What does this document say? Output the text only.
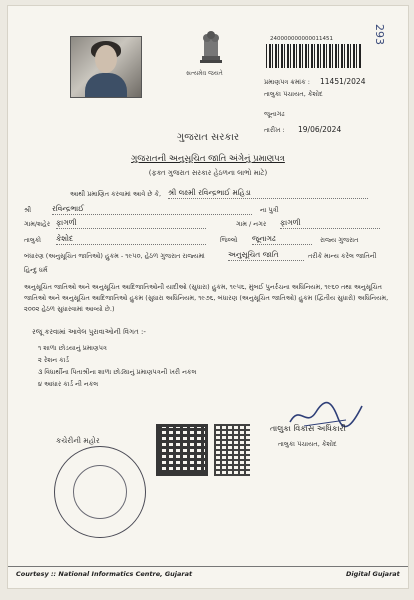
સત્યમેવ જયતે
240000000000011451	293
પ્રમાણપત્ર ક્રમાંક : 11451/2024
તાલુકા પંચાયત, કેશોદ
જૂનાગઢ
તારીખ : 19/06/2024
ગુજરાત સરકાર
ગુજરાતની અનુસૂચિત જાતિ અંગેનું પ્રમાણપત્ર
(ફક્ત ગુજરાત સરકાર હેઠળના લાભો માટે)
આથી પ્રમાણિત કરવામાં આવે છે કે, શ્રી લક્ષ્મી રવિન્દ્રભાઈ મહિડા
શ્રી	રવિન્દ્રભાઈ	ના પુત્રી
ગામ/શહેર ફાગળી	ગામ / નગર ફાગળી
તાલુકો કેશોદ	જિલ્લો જૂનાગઢ	રાજ્ય ગુજરાત
બંધારણ (અનુસૂચિત જાતિઓ) હુકમ - ૧૯૫૦, હેઠળ ગુજરાત રાજ્યમાં	અનુસૂચિત જાતિ	તરીકે માન્ય કરેલ જાતિની
હિન્દુ ધર્મ
અનુસૂચિત જાતિઓ અને અનુસૂચિત આદિજાતિઓની યાદીઓ (સુધારા) હુકમ, ૧૯૫૬, મુંબઈ પુનર્રચના અધિનિયમ, ૧૯૬૦ તથા અનુસૂચિત જાતિઓ અને અનુસૂચિત આદિજાતિઓ હુકમ (સુધારા અધિનિયમ, ૧૯૭૬, બંધારણ (અનુસૂચિત જાતિઓ) હુકમ (દ્વિતીય સુધારો) અધિનિયમ, ૨૦૦૨ હેઠળ સુધારવામાં આવ્યો છે.)
રજૂ કરવામાં આવેલ પુરાવાઓની વિગત :-
૧ શાળા છોડયાનું પ્રમાણપત્ર
૨ રેશન કાર્ડ
૩ વિધાર્થીના પિતાશ્રીના શાળા છોડ્યાનું પ્રમાણપત્રની ખરી નકલ
૪ આધાર કાર્ડ ની નકલ
કચેરીની મહોર
તાલુકા વિકાસ અધિકારી
તાલુકા પંચાયત, કેશોદ
Courtesy :: National Informatics Centre, Gujarat	Digital Gujarat
